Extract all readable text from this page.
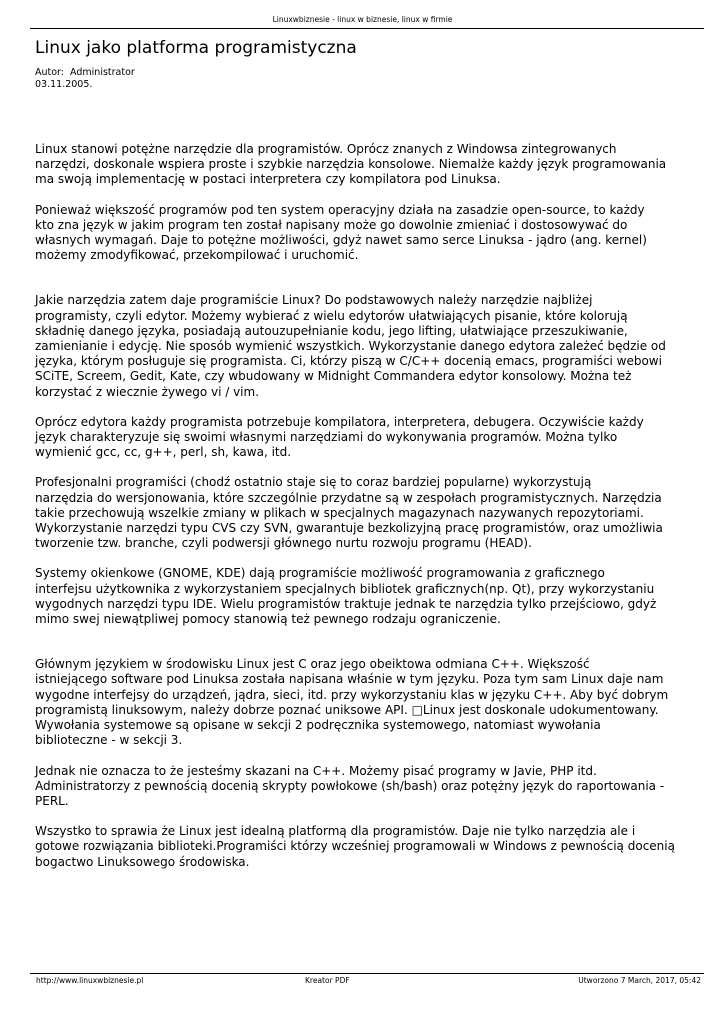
Linuxwbiznesie - linux w biznesie, linux w firmie
Linux jako platforma programistyczna
Autor:  Administrator
03.11.2005.

Linux stanowi potężne narzędzie dla programistów. Oprócz znanych z Windowsa zintegrowanych
narzędzi, doskonale wspiera proste i szybkie narzędzia konsolowe. Niemalże każdy język programowania
ma swoją implementację w postaci interpretera czy kompilatora pod Linuksa.

Ponieważ większość programów pod ten system operacyjny działa na zasadzie open-source, to każdy
kto zna język w jakim program ten został napisany może go dowolnie zmieniać i dostosowywać do
własnych wymagań. Daje to potężne możliwości, gdyż nawet samo serce Linuksa - jądro (ang. kernel)
możemy zmodyfikować, przekompilować i uruchomić.

Jakie narzędzia zatem daje programiście Linux? Do podstawowych należy narzędzie najbliżej
programisty, czyli edytor. Możemy wybierać z wielu edytorów ułatwiających pisanie, które kolorują
składnię danego języka, posiadają autouzupełnianie kodu, jego lifting, ułatwiające przeszukiwanie,
zamienianie i edycję. Nie sposób wymienić wszystkich. Wykorzystanie danego edytora zależeć będzie od
języka, którym posługuje się programista. Ci, którzy piszą w C/C++ docenią emacs, programiści webowi
SCiTE, Screem, Gedit, Kate, czy wbudowany w Midnight Commandera edytor konsolowy. Można też
korzystać z wiecznie żywego vi / vim.

Oprócz edytora każdy programista potrzebuje kompilatora, interpretera, debugera. Oczywiście każdy
język charakteryzuje się swoimi własnymi narzędziami do wykonywania programów. Można tylko
wymienić gcc, cc, g++, perl, sh, kawa, itd.

Profesjonalni programiści (chodź ostatnio staje się to coraz bardziej popularne) wykorzystują
narzędzia do wersjonowania, które szczególnie przydatne są w zespołach programistycznych. Narzędzia
takie przechowują wszelkie zmiany w plikach w specjalnych magazynach nazywanych repozytoriami.
Wykorzystanie narzędzi typu CVS czy SVN, gwarantuje bezkolizyjną pracę programistów, oraz umożliwia
tworzenie tzw. branche, czyli podwersji głównego nurtu rozwoju programu (HEAD).

Systemy okienkowe (GNOME, KDE) dają programiście możliwość programowania z graficznego
interfejsu użytkownika z wykorzystaniem specjalnych bibliotek graficznych(np. Qt), przy wykorzystaniu
wygodnych narzędzi typu IDE. Wielu programistów traktuje jednak te narzędzia tylko przejściowo, gdyż
mimo swej niewątpliwej pomocy stanowią też pewnego rodzaju ograniczenie.

Głównym językiem w środowisku Linux jest C oraz jego obeiktowa odmiana C++. Większość
istniejącego software pod Linuksa została napisana właśnie w tym języku. Poza tym sam Linux daje nam
wygodne interfejsy do urządzeń, jądra, sieci, itd. przy wykorzystaniu klas w języku C++. Aby być dobrym
programistą linuksowym, należy dobrze poznać uniksowe API. □Linux jest doskonale udokumentowany.
Wywołania systemowe są opisane w sekcji 2 podręcznika systemowego, natomiast wywołania
biblioteczne - w sekcji 3.

Jednak nie oznacza to że jesteśmy skazani na C++. Możemy pisać programy w Javie, PHP itd.
Administratorzy z pewnością docenią skrypty powłokowe (sh/bash) oraz potężny język do raportowania -
PERL.

Wszystko to sprawia że Linux jest idealną platformą dla programistów. Daje nie tylko narzędzia ale i
gotowe rozwiązania biblioteki.Programiści którzy wcześniej programowali w Windows z pewnością docenią
bogactwo Linuksowego środowiska.

http://www.linuxwbiznesie.pl	Kreator PDF	Utworzono 7 March, 2017, 05:42
